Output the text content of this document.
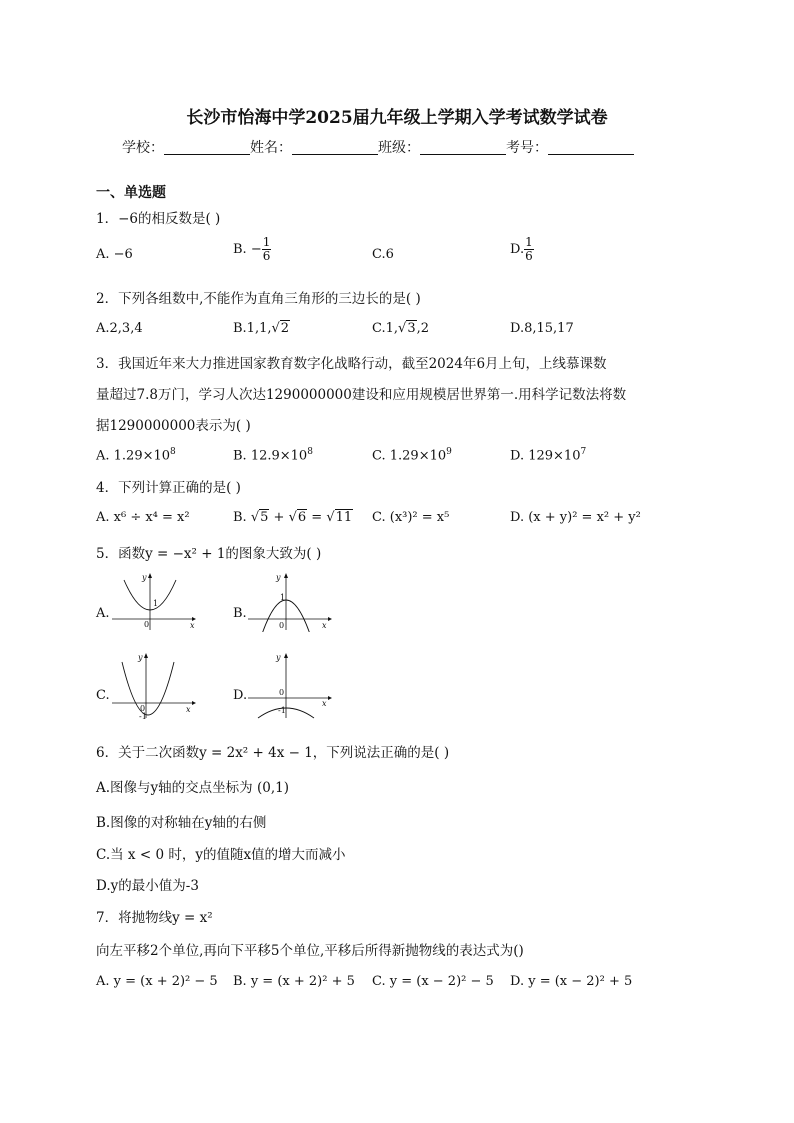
长沙市怡海中学2025届九年级上学期入学考试数学试卷
学校：	姓名：	班级：	考号：
一、单选题
1．−6的相反数是( )
A. −6	B. − $\frac{1}{6}$	C.6	D. $\frac{1}{6}$
2．下列各组数中,不能作为直角三角形的三边长的是( )
A.2,3,4	B.1,1,√2	C.1,√3,2	D.8,15,17
3．我国近年来大力推进国家教育数字化战略行动，截至2024年6月上旬，上线慕课数
量超过7.8万门，学习人次达1290000000建设和应用规模居世界第一.用科学记数法将数
据1290000000表示为( )
A. $1.29\times 10^8$	B. $12.9\times 10^8$	C. $1.29\times 10^9$	D. $129\times 10^7$
4．下列计算正确的是( )
A. x⁶ ÷ x⁴ = x²	B. √5 + √6 = √11 C. (x³)² = x⁵	D. (x + y)² = x² + y²
5．函数y = −x² + 1的图象大致为( )
A.
x
y
0
1
B.
x
y
0
1
C.
x
y
0
-1
D.
x
y
0
-1
6．关于二次函数y = 2x² + 4x − 1，下列说法正确的是( )
A.图像与y轴的交点坐标为 (0,1)
B.图像的对称轴在y轴的右侧
C.当 x < 0 时，y的值随x值的增大而减小
D.y的最小值为-3
7．将抛物线y = x²
向左平移2个单位,再向下平移5个单位,平移后所得新抛物线的表达式为()
A. y = (x + 2)² − 5 B. y = (x + 2)² + 5 C. y = (x − 2)² − 5 D. y = (x − 2)² + 5
